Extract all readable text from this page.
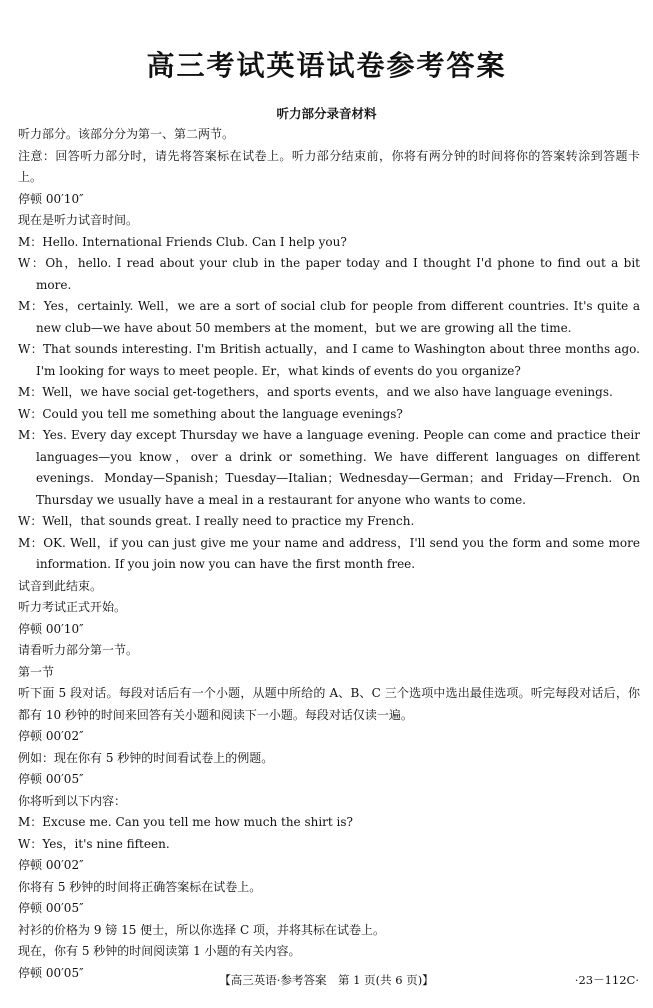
高三考试英语试卷参考答案
听力部分录音材料
听力部分。该部分分为第一、第二两节。
注意：回答听力部分时，请先将答案标在试卷上。听力部分结束前，你将有两分钟的时间将你的答案转涂到答题卡上。
停顿 00′10″
现在是听力试音时间。
M：Hello. International Friends Club. Can I help you?
W：Oh，hello. I read about your club in the paper today and I thought I'd phone to find out a bit more.
M：Yes，certainly. Well，we are a sort of social club for people from different countries. It's quite a new club—we have about 50 members at the moment，but we are growing all the time.
W：That sounds interesting. I'm British actually，and I came to Washington about three months ago. I'm looking for ways to meet people. Er，what kinds of events do you organize?
M：Well，we have social get-togethers，and sports events，and we also have language evenings.
W：Could you tell me something about the language evenings?
M：Yes. Every day except Thursday we have a language evening. People can come and practice their languages—you know，over a drink or something. We have different languages on different evenings. Monday—Spanish；Tuesday—Italian；Wednesday—German；and Friday—French. On Thursday we usually have a meal in a restaurant for anyone who wants to come.
W：Well，that sounds great. I really need to practice my French.
M：OK. Well，if you can just give me your name and address，I'll send you the form and some more information. If you join now you can have the first month free.
试音到此结束。
听力考试正式开始。
停顿 00′10″
请看听力部分第一节。
第一节
听下面 5 段对话。每段对话后有一个小题，从题中所给的 A、B、C 三个选项中选出最佳选项。听完每段对话后，你都有 10 秒钟的时间来回答有关小题和阅读下一小题。每段对话仅读一遍。
停顿 00′02″
例如：现在你有 5 秒钟的时间看试卷上的例题。
停顿 00′05″
你将听到以下内容：
M：Excuse me. Can you tell me how much the shirt is?
W：Yes，it's nine fifteen.
停顿 00′02″
你将有 5 秒钟的时间将正确答案标在试卷上。
停顿 00′05″
衬衫的价格为 9 镑 15 便士，所以你选择 C 项，并将其标在试卷上。
现在，你有 5 秒钟的时间阅读第 1 小题的有关内容。
停顿 00′05″
【高三英语·参考答案　第 1 页(共 6 页)】	·23－112C·
